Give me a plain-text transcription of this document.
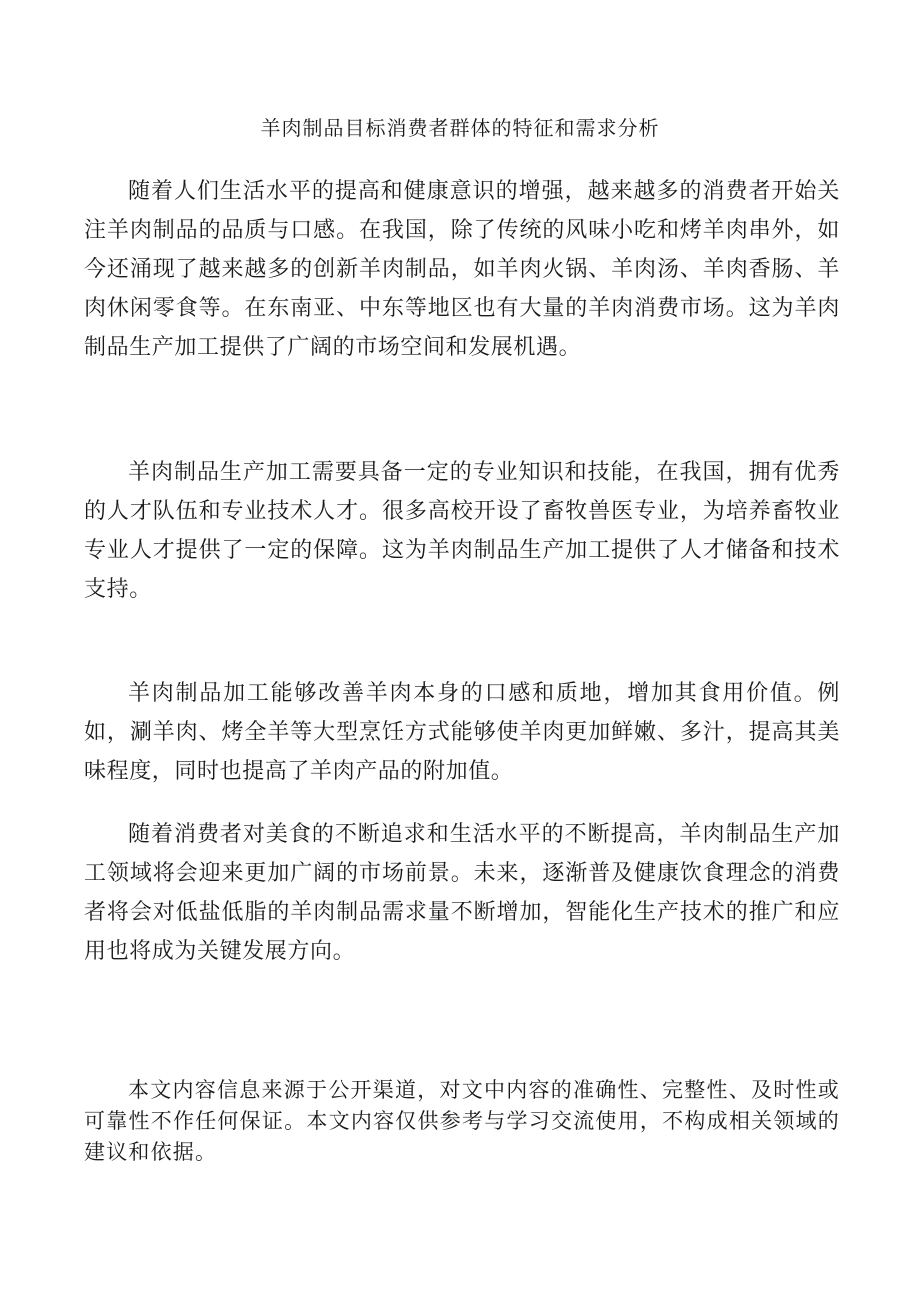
羊肉制品目标消费者群体的特征和需求分析

随着人们生活水平的提高和健康意识的增强，越来越多的消费者开始关注羊肉制品的品质与口感。在我国，除了传统的风味小吃和烤羊肉串外，如今还涌现了越来越多的创新羊肉制品，如羊肉火锅、羊肉汤、羊肉香肠、羊肉休闲零食等。在东南亚、中东等地区也有大量的羊肉消费市场。这为羊肉制品生产加工提供了广阔的市场空间和发展机遇。

羊肉制品生产加工需要具备一定的专业知识和技能，在我国，拥有优秀的人才队伍和专业技术人才。很多高校开设了畜牧兽医专业，为培养畜牧业专业人才提供了一定的保障。这为羊肉制品生产加工提供了人才储备和技术支持。

羊肉制品加工能够改善羊肉本身的口感和质地，增加其食用价值。例如，涮羊肉、烤全羊等大型烹饪方式能够使羊肉更加鲜嫩、多汁，提高其美味程度，同时也提高了羊肉产品的附加值。

随着消费者对美食的不断追求和生活水平的不断提高，羊肉制品生产加工领域将会迎来更加广阔的市场前景。未来，逐渐普及健康饮食理念的消费者将会对低盐低脂的羊肉制品需求量不断增加，智能化生产技术的推广和应用也将成为关键发展方向。

本文内容信息来源于公开渠道，对文中内容的准确性、完整性、及时性或可靠性不作任何保证。本文内容仅供参考与学习交流使用，不构成相关领域的建议和依据。
